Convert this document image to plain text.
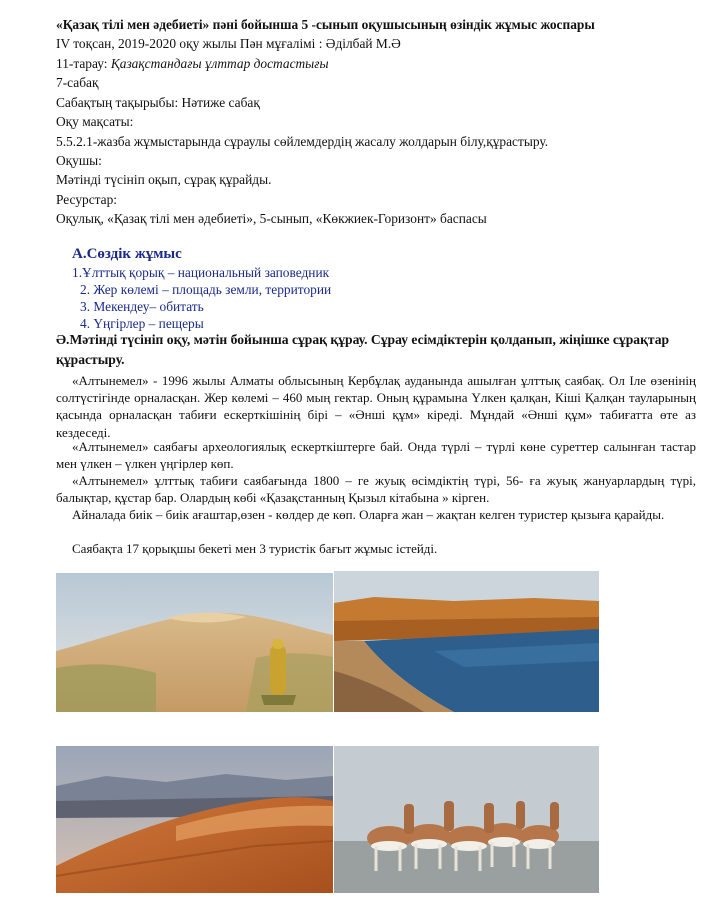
«Қазақ тілі мен әдебиеті» пәні бойынша 5 -сынып оқушысының өзіндік жұмыс жоспары
IV тоқсан, 2019-2020 оқу жылы Пән мұғалімі : Әділбай М.Ә
11-тарау: Қазақстандағы ұлттар достастығы
7-сабақ
Сабақтың тақырыбы: Нәтиже сабақ
Оқу мақсаты:
5.5.2.1-жазба жұмыстарында сұраулы сөйлемдердің жасалу жолдарын білу,құрастыру.
Оқушы:
Мәтінді түсініп оқып, сұрақ құрайды.
Ресурстар:
Оқулық, «Қазақ тілі мен әдебиеті», 5-сынып, «Көкжиек-Горизонт» баспасы
А.Сөздік жұмыс
1.Ұлттық қорық – национальный заповедник
2. Жер көлемі – площадь земли, территории
3. Мекендеу– обитать
4. Үңгірлер – пещеры
Ә.Мәтінді түсініп оқу, мәтін бойынша сұрақ құрау. Сұрау есімдіктерін қолданып, жіңішке сұрақтар құрастыру.
«Алтынемел» - 1996 жылы Алматы облысының Кербұлақ ауданында ашылған ұлттық саябақ. Ол Іле өзенінің солтүстігінде орналасқан. Жер көлемі – 460 мың гектар. Оның құрамына Үлкен қалқан, Кіші Қалқан тауларының қасында орналасқан табиғи ескерткішінің бірі – «Әнші құм» кіреді. Мұндай «Әнші құм» табиғатта өте аз кездеседі.
«Алтынемел» саябағы археологиялық ескерткіштерге бай. Онда түрлі – түрлі көне суреттер салынған тастар мен үлкен – үлкен үңгірлер көп.
«Алтынемел» ұлттық табиғи саябағында 1800 – ге жуық өсімдіктің түрі, 56- ға жуық жануарлардың түрі, балықтар, құстар бар. Олардың көбі «Қазақстанның Қызыл кітабына » кірген.
Айналада биік – биік ағаштар,өзен - көлдер де көп. Оларға жан – жақтан келген туристер қызыға қарайды.
Саябақта 17 қорықшы бекеті мен 3 туристік бағыт жұмыс істейді.
